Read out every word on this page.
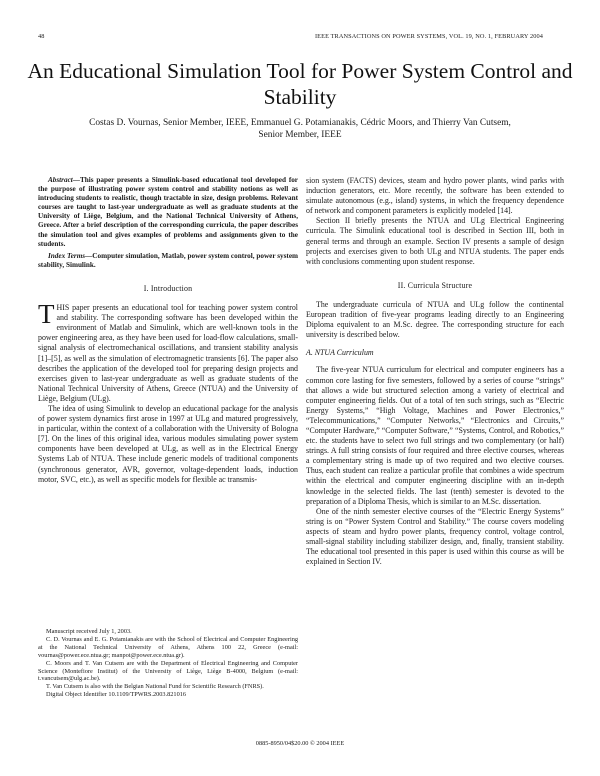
48	IEEE TRANSACTIONS ON POWER SYSTEMS, VOL. 19, NO. 1, FEBRUARY 2004
An Educational Simulation Tool for Power System Control and Stability
Costas D. Vournas, Senior Member, IEEE, Emmanuel G. Potamianakis, Cédric Moors, and Thierry Van Cutsem, Senior Member, IEEE

Abstract—This paper presents a Simulink-based educational tool developed for the purpose of illustrating power system control and stability notions as well as introducing students to realistic, though tractable in size, design problems. Relevant courses are taught to last-year undergraduate as well as graduate students at the University of Liège, Belgium, and the National Technical University of Athens, Greece. After a brief description of the corresponding curricula, the paper describes the simulation tool and gives examples of problems and assignments given to the students.

Index Terms—Computer simulation, Matlab, power system control, power system stability, Simulink.

I. Introduction

THIS paper presents an educational tool for teaching power system control and stability. The corresponding software has been developed within the environment of Matlab and Simulink, which are well-known tools in the power engineering area, as they have been used for load-flow calculations, small-signal analysis of electromechanical oscillations, and transient stability analysis [1]–[5], as well as the simulation of electromagnetic transients [6]. The paper also describes the application of the developed tool for preparing design projects and exercises given to last-year undergraduate as well as graduate students of the National Technical University of Athens, Greece (NTUA) and the University of Liège, Belgium (ULg).

The idea of using Simulink to develop an educational package for the analysis of power system dynamics first arose in 1997 at ULg and matured progressively, in particular, within the context of a collaboration with the University of Bologna [7]. On the lines of this original idea, various modules simulating power system components have been developed at ULg, as well as in the Electrical Energy Systems Lab of NTUA. These include generic models of traditional components (synchronous generator, AVR, governor, voltage-dependent loads, induction motor, SVC, etc.), as well as specific models for flexible ac transmis-

Manuscript received July 1, 2003.

C. D. Vournas and E. G. Potamianakis are with the School of Electrical and Computer Engineering at the National Technical University of Athens, Athens 100 22, Greece (e-mail: vournas@power.ece.ntua.gr; manpot@power.ece.ntua.gr).

C. Moors and T. Van Cutsem are with the Department of Electrical Engineering and Computer Science (Montefiore Institut) of the University of Liège, Liège B-4000, Belgium (e-mail: t.vancutsem@ulg.ac.be).

T. Van Cutsem is also with the Belgian National Fund for Scientific Research (FNRS).

Digital Object Identifier 10.1109/TPWRS.2003.821016

sion system (FACTS) devices, steam and hydro power plants, wind parks with induction generators, etc. More recently, the software has been extended to simulate autonomous (e.g., island) systems, in which the frequency dependence of network and component parameters is explicitly modeled [14].

Section II briefly presents the NTUA and ULg Electrical Engineering curricula. The Simulink educational tool is described in Section III, both in general terms and through an example. Section IV presents a sample of design projects and exercises given to both ULg and NTUA students. The paper ends with conclusions commenting upon student response.

II. Curricula Structure

The undergraduate curricula of NTUA and ULg follow the continental European tradition of five-year programs leading directly to an Engineering Diploma equivalent to an M.Sc. degree. The corresponding structure for each university is described below.

A. NTUA Curriculum

The five-year NTUA curriculum for electrical and computer engineers has a common core lasting for five semesters, followed by a series of course “strings” that allows a wide but structured selection among a variety of electrical and computer engineering fields. Out of a total of ten such strings, such as “Electric Energy Systems,” “High Voltage, Machines and Power Electronics,” “Telecommunications,” “Computer Networks,” “Electronics and Circuits,” “Computer Hardware,” “Computer Software,” “Systems, Control, and Robotics,” etc. the students have to select two full strings and two complementary (or half) strings. A full string consists of four required and three elective courses, whereas a complementary string is made up of two required and two elective courses. Thus, each student can realize a particular profile that combines a wide spectrum within the electrical and computer engineering discipline with an in-depth knowledge in the selected fields. The last (tenth) semester is devoted to the preparation of a Diploma Thesis, which is similar to an M.Sc. dissertation.

One of the ninth semester elective courses of the “Electric Energy Systems” string is on “Power System Control and Stability.” The course covers modeling aspects of steam and hydro power plants, frequency control, voltage control, small-signal stability including stabilizer design, and, finally, transient stability. The educational tool presented in this paper is used within this course as will be explained in Section IV.

0885-8950/04$20.00 © 2004 IEEE
